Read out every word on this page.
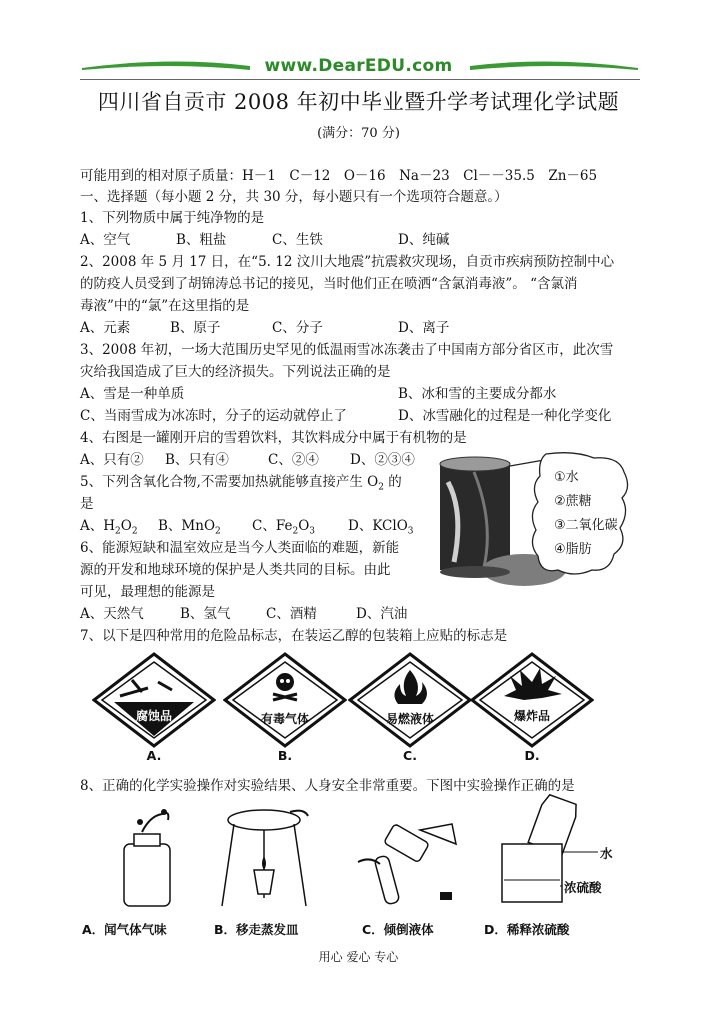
www.DearEDU.com
四川省自贡市 2008 年初中毕业暨升学考试理化学试题
(满分：70 分)
可能用到的相对原子质量：H－1　C－12　O－16　Na－23　Cl－－35.5　Zn－65
一、选择题（每小题 2 分，共 30 分，每小题只有一个选项符合题意。）
1、下列物质中属于纯净物的是
A、空气	B、粗盐	C、生铁	D、纯碱
2、2008 年 5 月 17 日，在“5. 12 汶川大地震”抗震救灾现场，自贡市疾病预防控制中心
的防疫人员受到了胡锦涛总书记的接见，当时他们正在喷洒“含氯消毒液”。 “含氯消
毒液”中的“氯”在这里指的是
A、元素	B、原子	C、分子	D、离子
3、2008 年初，一场大范围历史罕见的低温雨雪冰冻袭击了中国南方部分省区市，此次雪
灾给我国造成了巨大的经济损失。下列说法正确的是
A、雪是一种单质	B、冰和雪的主要成分都水
C、当雨雪成为冰冻时，分子的运动就停止了	D、冰雪融化的过程是一种化学变化
4、右图是一罐刚开启的雪碧饮料，其饮料成分中属于有机物的是
A、只有② B、只有④	C、②④ D、②③④
①水
②蔗糖
③二氧化碳
④脂肪
5、下列含氧化合物,不需要加热就能够直接产生 $O_2$ 的
是
A、$H_2O_2$ B、MnO$_2$ C、$Fe_2O_3$ D、KClO$_3$
6、能源短缺和温室效应是当今人类面临的难题，新能
源的开发和地球环境的保护是人类共同的目标。由此
可见，最理想的能源是
A、天然气	B、氢气	C、酒精	D、汽油
7、以下是四种常用的危险品标志，在装运乙醇的包装箱上应贴的标志是
腐蚀品
A.
有毒气体
B.
易燃液体
C.
爆炸品
D.
8、正确的化学实验操作对实验结果、人身安全非常重要。下图中实验操作正确的是
水
浓硫酸
A．闻气体气味	B．移走蒸发皿	C．倾倒液体	D．稀释浓硫酸
用心 爱心 专心
